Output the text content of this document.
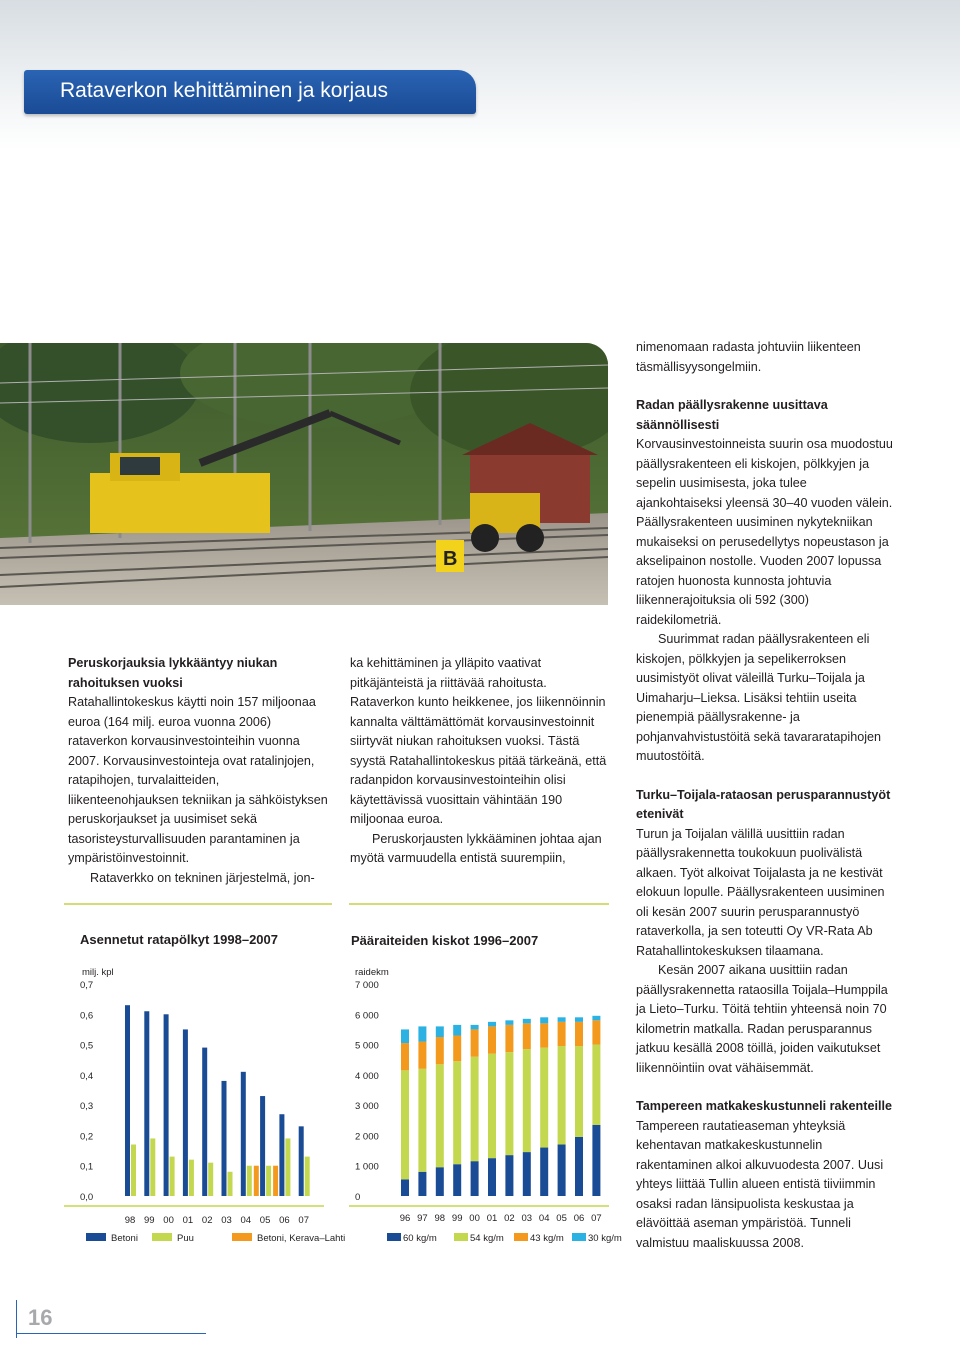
Rataverkon kehittäminen ja korjaus
B

Peruskorjauksia lykkääntyy niukan rahoituksen vuoksi

Ratahallintokeskus käytti noin 157 miljoonaa euroa (164 milj. euroa vuonna 2006) rataverkon korvausinvestointeihin vuonna 2007. Korvausinvestointeja ovat ratalinjojen, ratapihojen, turvalaitteiden, liikenteenohjauksen tekniikan ja sähköistyksen peruskorjaukset ja uusimiset sekä tasoristeysturvallisuuden parantaminen ja ympäristöinvestoinnit.

Rataverkko on tekninen järjestelmä, jon-

ka kehittäminen ja ylläpito vaativat pitkäjänteistä ja riittävää rahoitusta. Rataverkon kunto heikkenee, jos liikennöinnin kannalta välttämättömät korvausinvestoinnit siirtyvät niukan rahoituksen vuoksi. Tästä syystä Ratahallintokeskus pitää tärkeänä, että radanpidon korvausinvestointeihin olisi käytettävissä vuosittain vähintään 190 miljoonaa euroa.

Peruskorjausten lykkääminen johtaa ajan myötä varmuudella entistä suurempiin,

nimenomaan radasta johtuviin liikenteen täsmällisyysongelmiin.

Radan päällysrakenne uusittava säännöllisesti

Korvausinvestoinneista suurin osa muodostuu päällysrakenteen eli kiskojen, pölkkyjen ja sepelin uusimisesta, joka tulee ajankohtaiseksi yleensä 30–40 vuoden välein. Päällysrakenteen uusiminen nykytekniikan mukaiseksi on perusedellytys nopeustason ja akselipainon nostolle. Vuoden 2007 lopussa ratojen huonosta kunnosta johtuvia liikennerajoituksia oli 592 (300) raidekilometriä.

Suurimmat radan päällysrakenteen eli kiskojen, pölkkyjen ja sepelikerroksen uusimistyöt olivat väleillä Turku–Toijala ja Uimaharju–Lieksa. Lisäksi tehtiin useita pienempiä päällysrakenne- ja pohjanvahvistustöitä sekä tavararatapihojen muutostöitä.

Turku–Toijala-rataosan perusparannustyöt etenivät

Turun ja Toijalan välillä uusittiin radan päällysrakennetta toukokuun puolivälistä alkaen. Työt alkoivat Toijalasta ja ne kestivät elokuun lopulle. Päällysrakenteen uusiminen oli kesän 2007 suurin perusparannustyö rataverkolla, ja sen toteutti Oy VR-Rata Ab Ratahallintokeskuksen tilaamana.

Kesän 2007 aikana uusittiin radan päällysrakennetta rataosilla Toijala–Humppila ja Lieto–Turku. Töitä tehtiin yhteensä noin 70 kilometrin matkalla. Radan perusparannus jatkuu kesällä 2008 töillä, joiden vaikutukset liikennöintiin ovat vähäisemmät.

Tampereen matkakeskustunneli rakenteille

Tampereen rautatieaseman yhteyksiä kehentavan matkakeskustunnelin rakentaminen alkoi alkuvuodesta 2007. Uusi yhteys liittää Tullin alueen entistä tiiviimmin osaksi radan länsipuolista keskustaa ja elävöittää aseman ympäristöä. Tunneli valmistuu maaliskuussa 2008.

Asennetut ratapölkyt 1998–2007
milj. kpl
0,0
0,1
0,2
0,3
0,4
0,5
0,6
0,7
98 99 00 01 02 03 04 05 06 07
Betoni	Puu	Betoni, Kerava–Lahti
Pääraiteiden kiskot 1996–2007
raidekm
0
1 000
2 000
3 000
4 000
5 000
6 000
7 000
96 97 98 99 00 01 02 03 04 05 06 07
60 kg/m	54 kg/m	43 kg/m	30 kg/m
16
